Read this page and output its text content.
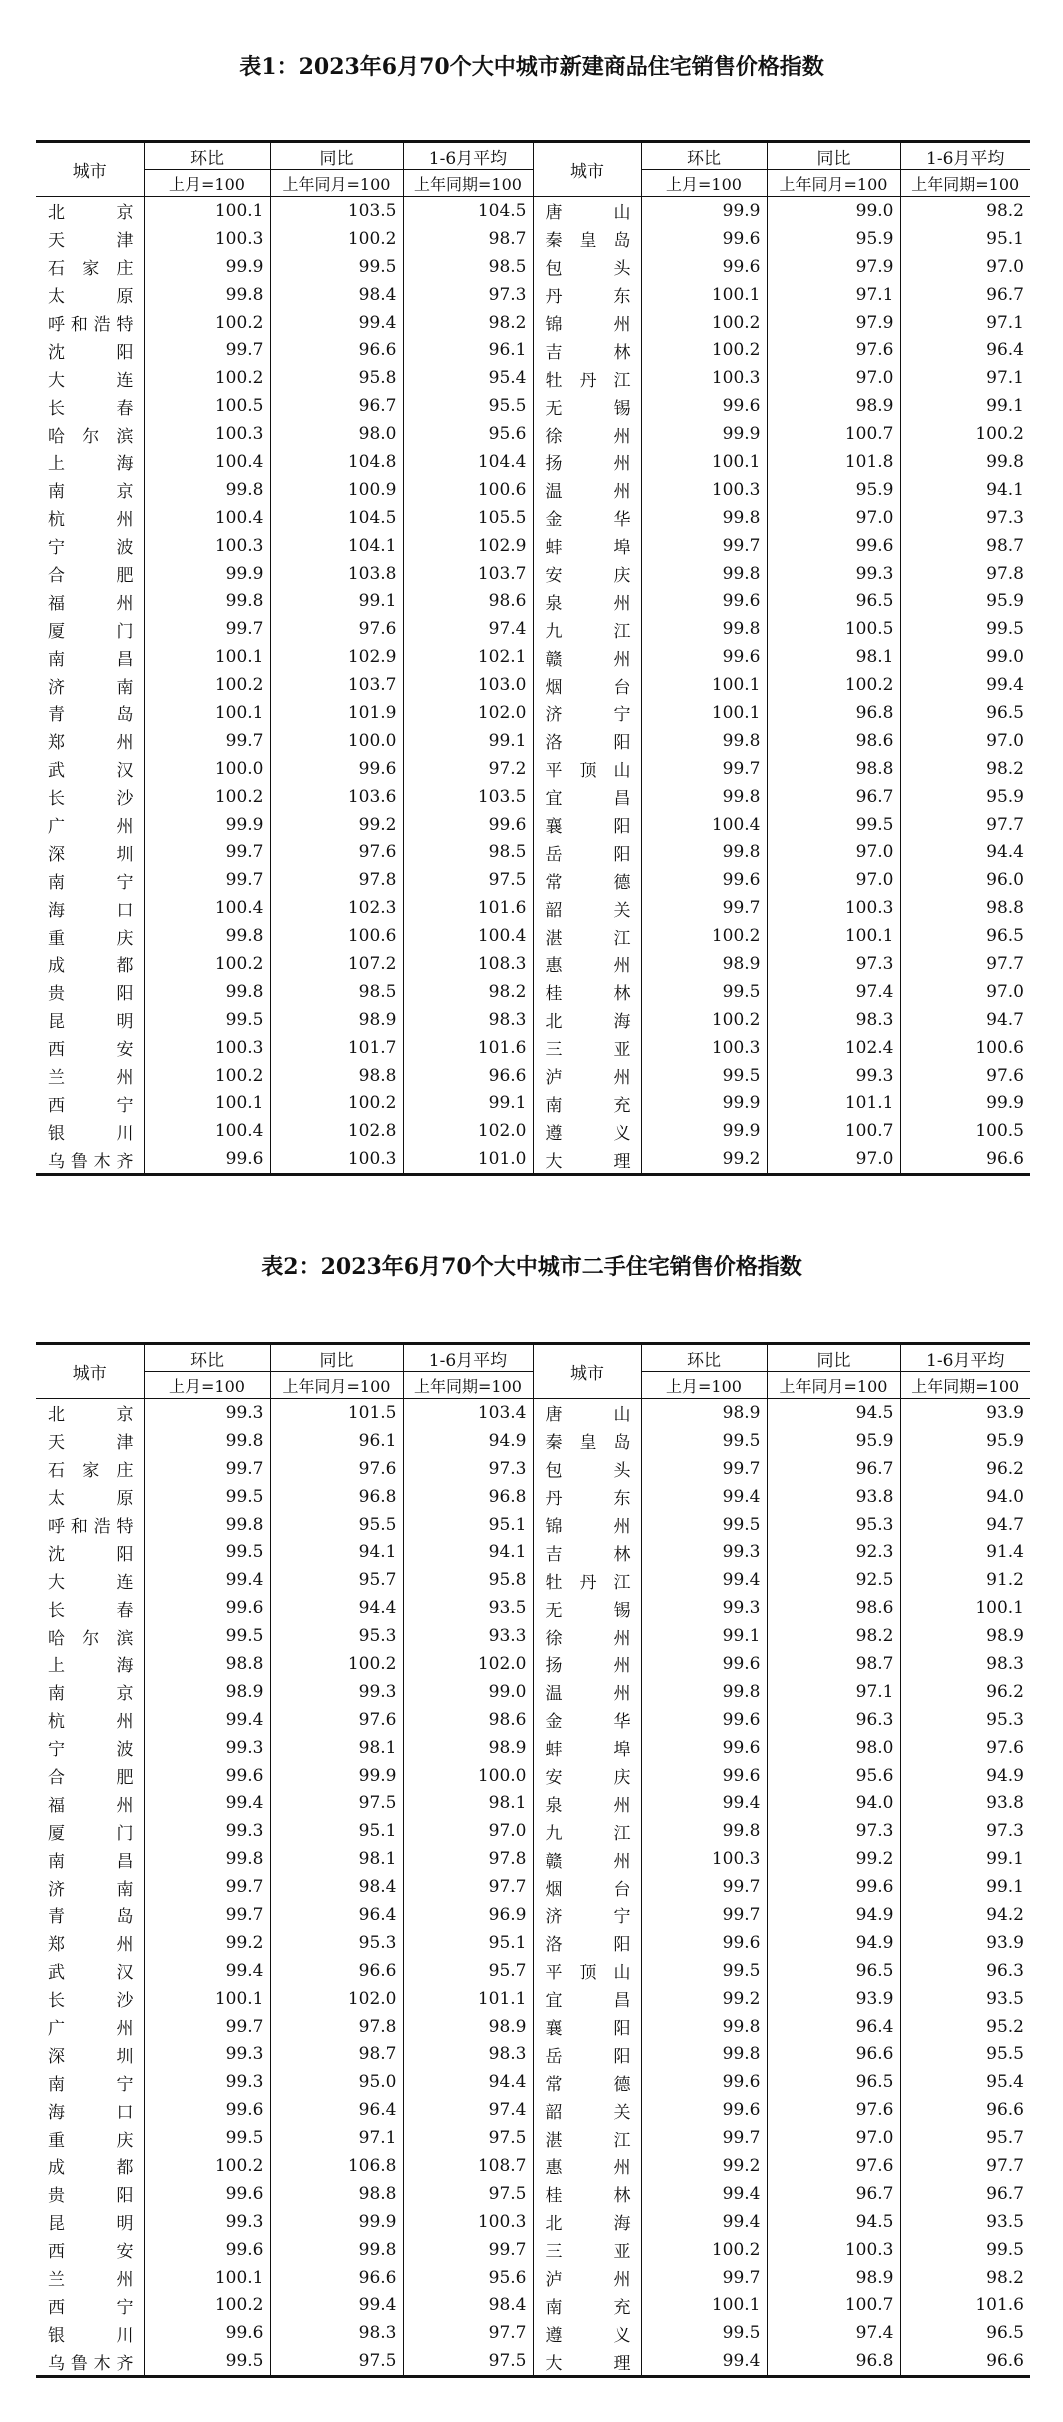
表1：2023年6月70个大中城市新建商品住宅销售价格指数
城市	环比	同比	1-6月平均	城市	环比	同比	1-6月平均
	上月=100	上年同月=100	上年同期=100		上月=100	上年同月=100	上年同期=100
北　京	100.1	103.5	104.5	唐　山	99.9	99.0	98.2
天　津	100.3	100.2	98.7	秦皇岛	99.6	95.9	95.1
石家庄	99.9	99.5	98.5	包　头	99.6	97.9	97.0
太　原	99.8	98.4	97.3	丹　东	100.1	97.1	96.7
呼和浩特	100.2	99.4	98.2	锦　州	100.2	97.9	97.1
沈　阳	99.7	96.6	96.1	吉　林	100.2	97.6	96.4
大　连	100.2	95.8	95.4	牡丹江	100.3	97.0	97.1
长　春	100.5	96.7	95.5	无　锡	99.6	98.9	99.1
哈尔滨	100.3	98.0	95.6	徐　州	99.9	100.7	100.2
上　海	100.4	104.8	104.4	扬　州	100.1	101.8	99.8
南　京	99.8	100.9	100.6	温　州	100.3	95.9	94.1
杭　州	100.4	104.5	105.5	金　华	99.8	97.0	97.3
宁　波	100.3	104.1	102.9	蚌　埠	99.7	99.6	98.7
合　肥	99.9	103.8	103.7	安　庆	99.8	99.3	97.8
福　州	99.8	99.1	98.6	泉　州	99.6	96.5	95.9
厦　门	99.7	97.6	97.4	九　江	99.8	100.5	99.5
南　昌	100.1	102.9	102.1	赣　州	99.6	98.1	99.0
济　南	100.2	103.7	103.0	烟　台	100.1	100.2	99.4
青　岛	100.1	101.9	102.0	济　宁	100.1	96.8	96.5
郑　州	99.7	100.0	99.1	洛　阳	99.8	98.6	97.0
武　汉	100.0	99.6	97.2	平顶山	99.7	98.8	98.2
长　沙	100.2	103.6	103.5	宜　昌	99.8	96.7	95.9
广　州	99.9	99.2	99.6	襄　阳	100.4	99.5	97.7
深　圳	99.7	97.6	98.5	岳　阳	99.8	97.0	94.4
南　宁	99.7	97.8	97.5	常　德	99.6	97.0	96.0
海　口	100.4	102.3	101.6	韶　关	99.7	100.3	98.8
重　庆	99.8	100.6	100.4	湛　江	100.2	100.1	96.5
成　都	100.2	107.2	108.3	惠　州	98.9	97.3	97.7
贵　阳	99.8	98.5	98.2	桂　林	99.5	97.4	97.0
昆　明	99.5	98.9	98.3	北　海	100.2	98.3	94.7
西　安	100.3	101.7	101.6	三　亚	100.3	102.4	100.6
兰　州	100.2	98.8	96.6	泸　州	99.5	99.3	97.6
西　宁	100.1	100.2	99.1	南　充	99.9	101.1	99.9
银　川	100.4	102.8	102.0	遵　义	99.9	100.7	100.5
乌鲁木齐	99.6	100.3	101.0	大　理	99.2	97.0	96.6
表2：2023年6月70个大中城市二手住宅销售价格指数
城市	环比	同比	1-6月平均	城市	环比	同比	1-6月平均
	上月=100	上年同月=100	上年同期=100		上月=100	上年同月=100	上年同期=100
北　京	99.3	101.5	103.4	唐　山	98.9	94.5	93.9
天　津	99.8	96.1	94.9	秦皇岛	99.5	95.9	95.9
石家庄	99.7	97.6	97.3	包　头	99.7	96.7	96.2
太　原	99.5	96.8	96.8	丹　东	99.4	93.8	94.0
呼和浩特	99.8	95.5	95.1	锦　州	99.5	95.3	94.7
沈　阳	99.5	94.1	94.1	吉　林	99.3	92.3	91.4
大　连	99.4	95.7	95.8	牡丹江	99.4	92.5	91.2
长　春	99.6	94.4	93.5	无　锡	99.3	98.6	100.1
哈尔滨	99.5	95.3	93.3	徐　州	99.1	98.2	98.9
上　海	98.8	100.2	102.0	扬　州	99.6	98.7	98.3
南　京	98.9	99.3	99.0	温　州	99.8	97.1	96.2
杭　州	99.4	97.6	98.6	金　华	99.6	96.3	95.3
宁　波	99.3	98.1	98.9	蚌　埠	99.6	98.0	97.6
合　肥	99.6	99.9	100.0	安　庆	99.6	95.6	94.9
福　州	99.4	97.5	98.1	泉　州	99.4	94.0	93.8
厦　门	99.3	95.1	97.0	九　江	99.8	97.3	97.3
南　昌	99.8	98.1	97.8	赣　州	100.3	99.2	99.1
济　南	99.7	98.4	97.7	烟　台	99.7	99.6	99.1
青　岛	99.7	96.4	96.9	济　宁	99.7	94.9	94.2
郑　州	99.2	95.3	95.1	洛　阳	99.6	94.9	93.9
武　汉	99.4	96.6	95.7	平顶山	99.5	96.5	96.3
长　沙	100.1	102.0	101.1	宜　昌	99.2	93.9	93.5
广　州	99.7	97.8	98.9	襄　阳	99.8	96.4	95.2
深　圳	99.3	98.7	98.3	岳　阳	99.8	96.6	95.5
南　宁	99.3	95.0	94.4	常　德	99.6	96.5	95.4
海　口	99.6	96.4	97.4	韶　关	99.6	97.6	96.6
重　庆	99.5	97.1	97.5	湛　江	99.7	97.0	95.7
成　都	100.2	106.8	108.7	惠　州	99.2	97.6	97.7
贵　阳	99.6	98.8	97.5	桂　林	99.4	96.7	96.7
昆　明	99.3	99.9	100.3	北　海	99.4	94.5	93.5
西　安	99.6	99.8	99.7	三　亚	100.2	100.3	99.5
兰　州	100.1	96.6	95.6	泸　州	99.7	98.9	98.2
西　宁	100.2	99.4	98.4	南　充	100.1	100.7	101.6
银　川	99.6	98.3	97.7	遵　义	99.5	97.4	96.5
乌鲁木齐	99.5	97.5	97.5	大　理	99.4	96.8	96.6
